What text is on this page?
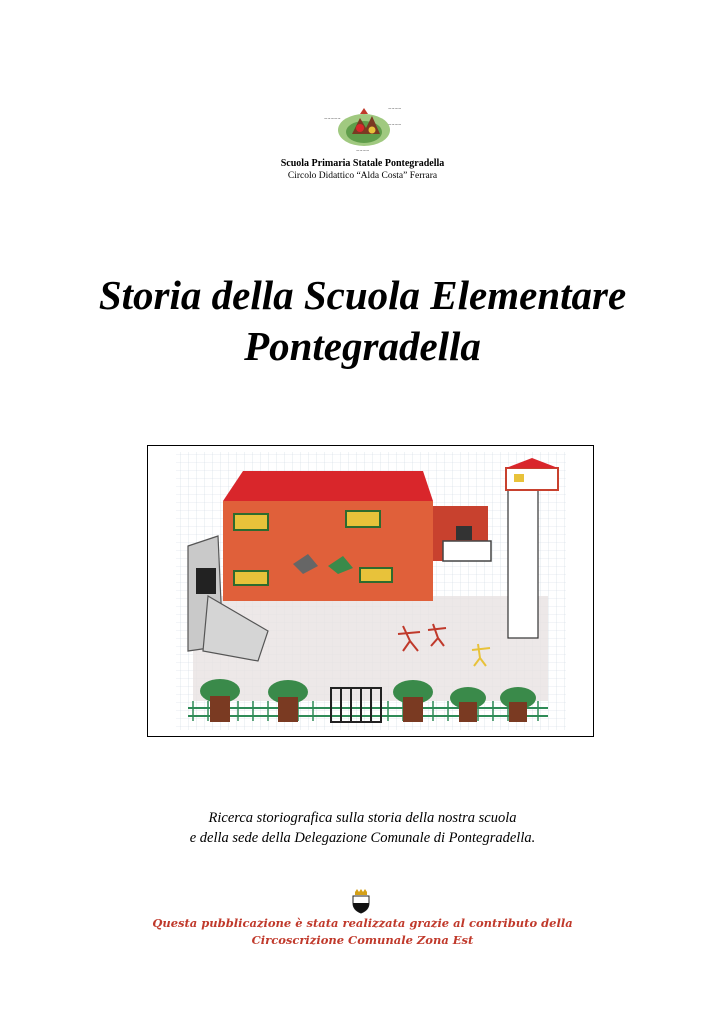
~~~~~
~~~~
~~~~
~~~~
Scuola Primaria Statale Pontegradella
Circolo Didattico “Alda Costa” Ferrara
Storia della Scuola Elementare
Pontegradella
Ricerca storiografica sulla storia della nostra scuola
e della sede della Delegazione Comunale di Pontegradella.
Questa pubblicazione è stata realizzata grazie al contributo della
Circoscrizione Comunale Zona Est
